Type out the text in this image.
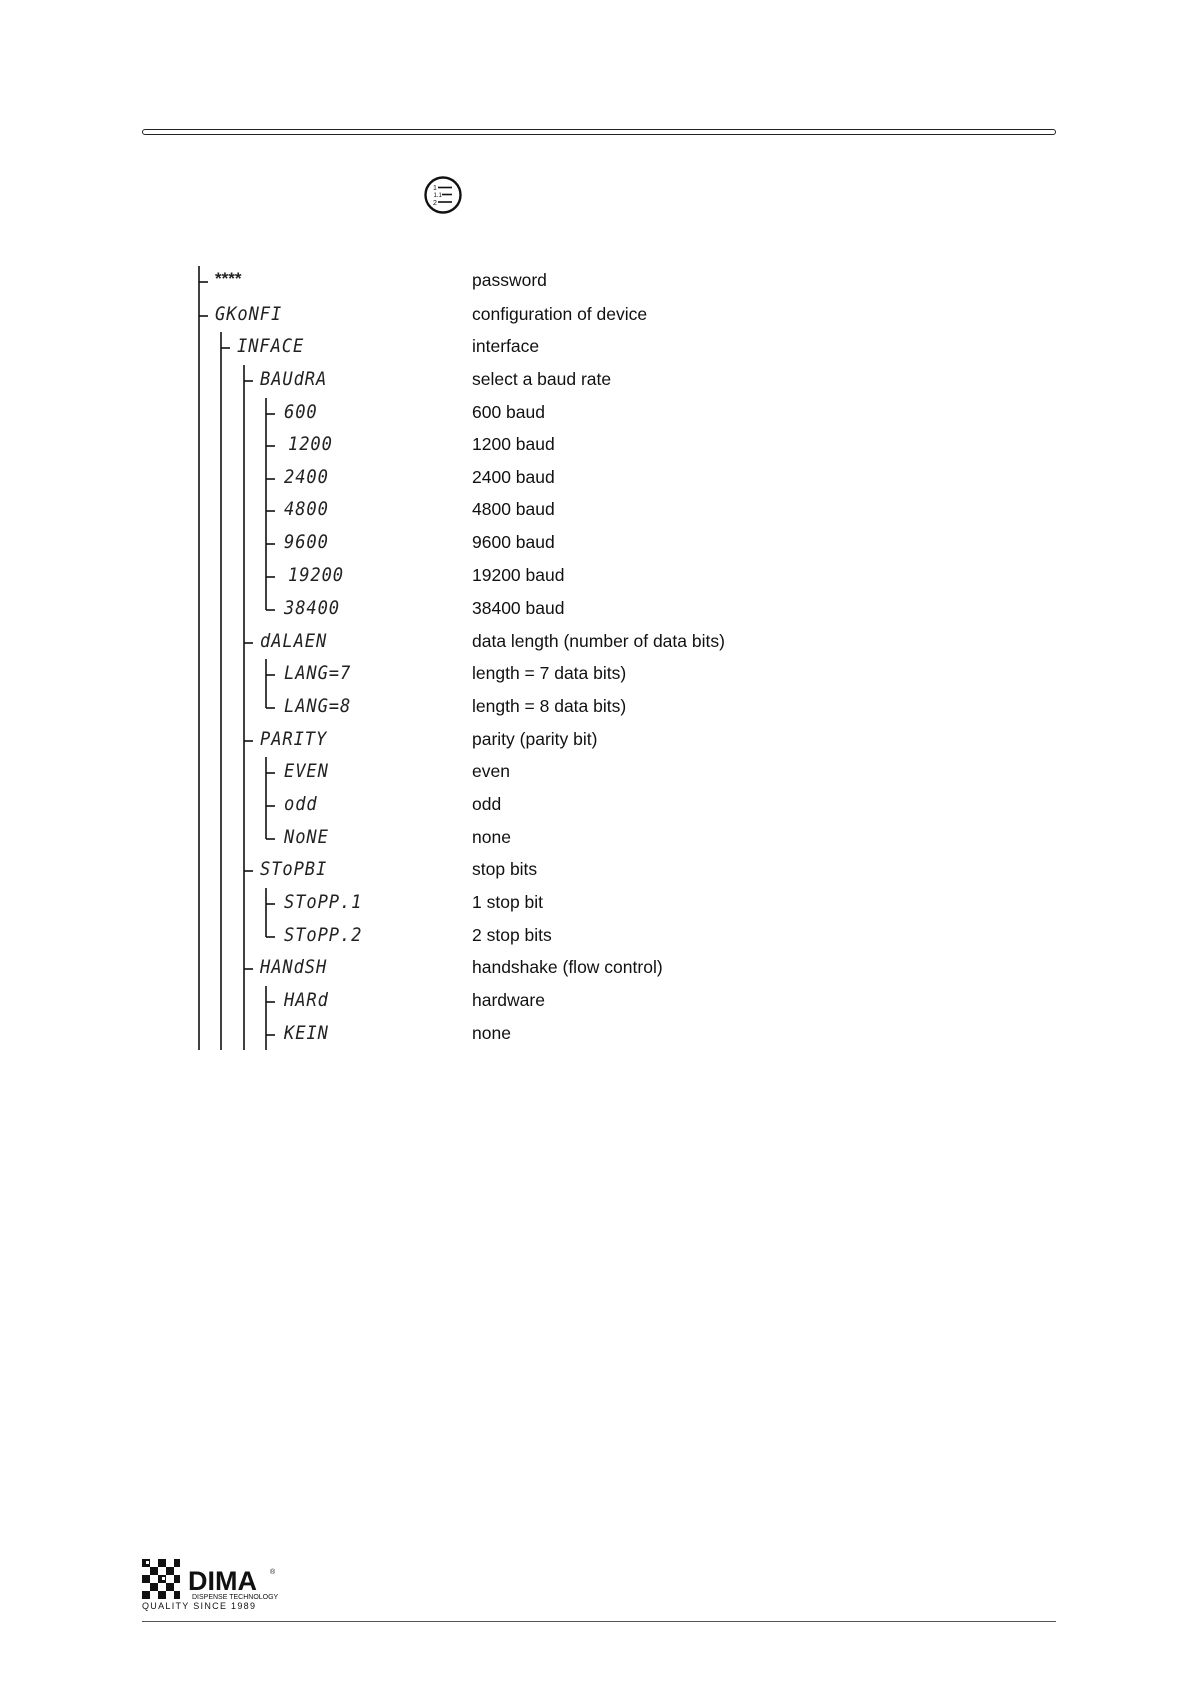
1
1.1
2
****	password
GKoNFI	configuration of device
INFACE	interface
BAUdRA	select a baud rate
600	600 baud
1200	1200 baud
2400	2400 baud
4800	4800 baud
9600	9600 baud
19200	19200 baud
38400	38400 baud
dALAEN	data length (number of data bits)
LANG=7	length = 7 data bits)
LANG=8	length = 8 data bits)
PARITY	parity (parity bit)
EVEN	even
odd	odd
NoNE	none
SToPBI	stop bits
SToPP.1	1 stop bit
SToPP.2	2 stop bits
HANdSH	handshake (flow control)
HARd	hardware
KEIN	none
DIMA ®
DISPENSE TECHNOLOGY
QUALITY SINCE 1989
